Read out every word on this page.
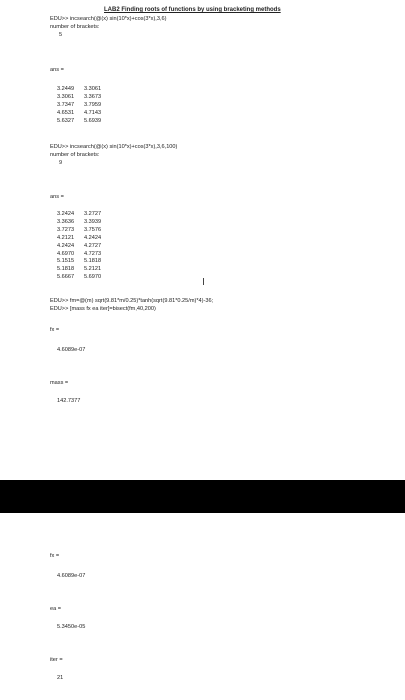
LAB2 Finding roots of functions by using bracketing methods
EDU>> incsearch(@(x) sin(10*x)+cos(3*x),3,6)
number of brackets:
5
ans =
3.2449	3.3061
3.3061	3.3673
3.7347	3.7959
4.6531	4.7143
5.6327	5.6939
EDU>> incsearch(@(x) sin(10*x)+cos(3*x),3,6,100)
number of brackets:
9
ans =
3.2424	3.2727
3.3636	3.3939
3.7273	3.7576
4.2121	4.2424
4.2424	4.2727
4.6970	4.7273
5.1515	5.1818
5.1818	5.2121
5.6667	5.6970
EDU>> fm=@(m) sqrt(9.81*m/0.25)*tanh(sqrt(9.81*0.25/m)*4)-36;
EDU>> [mass fx ea iter]=bisect(fm,40,200)
fx =
4.6089e-07
mass =
142.7377
fx =
4.6089e-07
ea =
5.3450e-05
iter =
21
